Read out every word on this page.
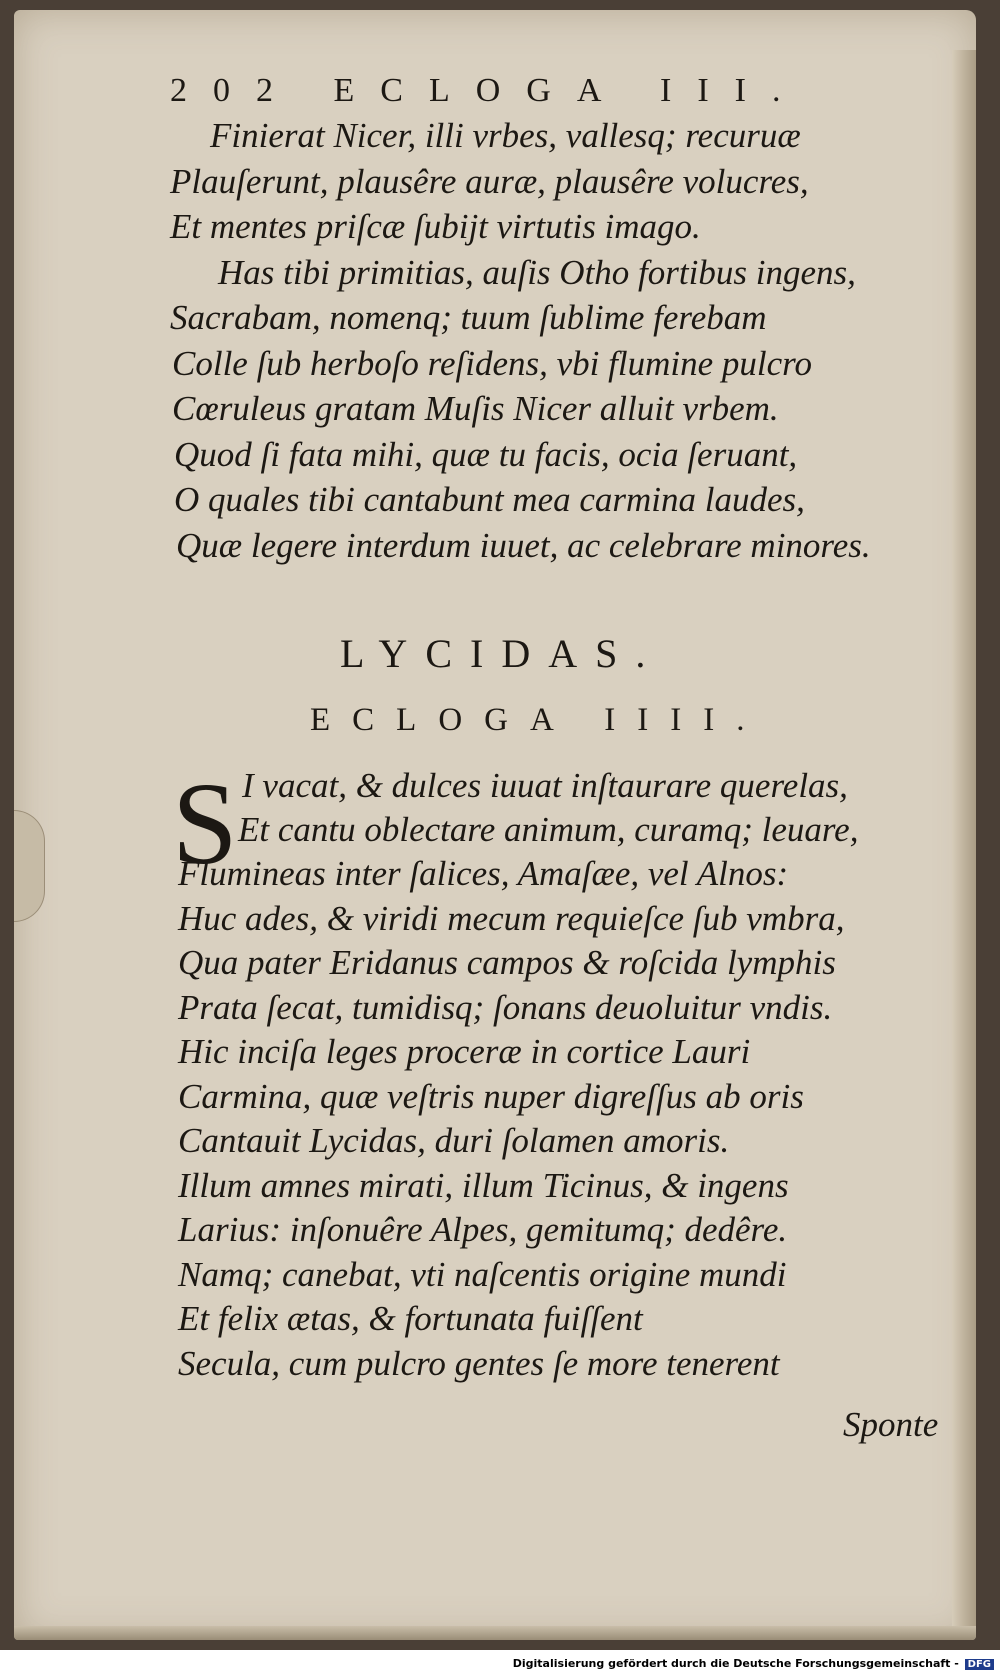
202 ECLOGA III.
Finierat Nicer, illi vrbes, vallesq; recuruæ
Plauſerunt, plausêre auræ, plausêre volucres,
Et mentes priſcæ ſubijt virtutis imago.
Has tibi primitias, auſis Otho fortibus ingens,
Sacrabam, nomenq; tuum ſublime ferebam
Colle ſub herboſo reſidens, vbi flumine pulcro
Cœruleus gratam Muſis Nicer alluit vrbem.
Quod ſi fata mihi, quæ tu facis, ocia ſeruant,
O quales tibi cantabunt mea carmina laudes,
Quæ legere interdum iuuet, ac celebrare minores.
LYCIDAS.
ECLOGA IIII.
S I vacat, & dulces iuuat inſtaurare querelas,
Et cantu oblectare animum, curamq; leuare,
Flumineas inter ſalices, Amaſæe, vel Alnos:
Huc ades, & viridi mecum requieſce ſub vmbra,
Qua pater Eridanus campos & roſcida lymphis
Prata ſecat, tumidisq; ſonans deuoluitur vndis.
Hic inciſa leges proceræ in cortice Lauri
Carmina, quæ veſtris nuper digreſſus ab oris
Cantauit Lycidas, duri ſolamen amoris.
Illum amnes mirati, illum Ticinus, & ingens
Larius: inſonuêre Alpes, gemitumq; dedêre.
Namq; canebat, vti naſcentis origine mundi
Et felix ætas, & fortunata fuiſſent
Secula, cum pulcro gentes ſe more tenerent
Sponte
Digitalisierung gefördert durch die Deutsche Forschungsgemeinschaft - DFG
